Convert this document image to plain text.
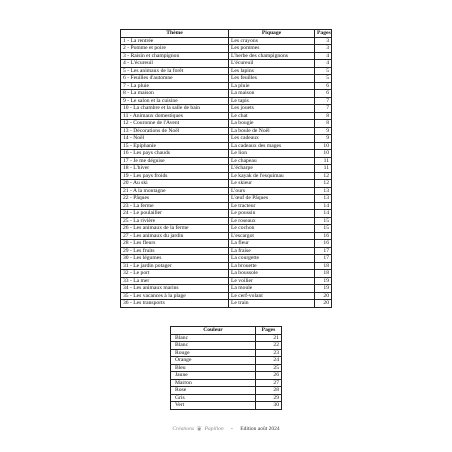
Thème	Piquage	Pages
1 - La rentrée	Les crayons	3
2 - Pomme et poire	Les pommes	3
3 - Raisin et champignon	L'herbe des champignons	4
4 - L'écureuil	L'écureuil	4
5 - Les animaux de la forêt	Les lapins	5
6 - Feuilles d'automne	Les feuilles	5
7 - La pluie	La pluie	6
8 - La maison	La maison	6
9 - Le salon et la cuisine	Le tapis	7
10 - La chambre et la salle de bain	Les jouets	7
11 - Animaux domestiques	Le chat	8
12 - Couronne de l'Avent	La bougie	8
13 - Décorations de Noël	La boule de Noël	9
14 - Noël	Les cadeaux	9
15 - Epiphanie	La cadeaux des mages	10
16 - Les pays chauds	Le lion	10
17 - Je me déguise	Le chapeau	11
18 - L'hiver	L'écharpe	11
19 - Les pays froids	Le kayak de l'esquimau	12
20 - Au ski	Le skieur	12
21 - A la montagne	L'ours	13
22 - Pâques	L'œuf de Pâques	13
23 - La ferme	Le tracteur	14
24 - Le poulailler	Le poussin	14
25 - La rivière	Le roseaux	15
26 - Les animaux de la ferme	Le cochon	15
27 - Les animaux du jardin	L'escargot	16
28 - Les fleurs	La fleur	16
29 - Les fruits	La fraise	17
30 - Les légumes	La courgette	17
31 - Le jardin potager	La brouette	18
32 - Le port	La boussole	18
33 - La mer	Le voilier	19
34 - Les animaux marins	La moule	19
35 - Les vacances à la plage	Le cerf-volant	20
36 - Les transports	Le train	20
Couleur	Pages
Blanc	21
Blanc	22
Rouge	23
Orange	24
Bleu	25
Jaune	26
Marron	27
Rose	28
Gris	29
Vert	30
Créations ❦ Papillon - Edition août 2024
